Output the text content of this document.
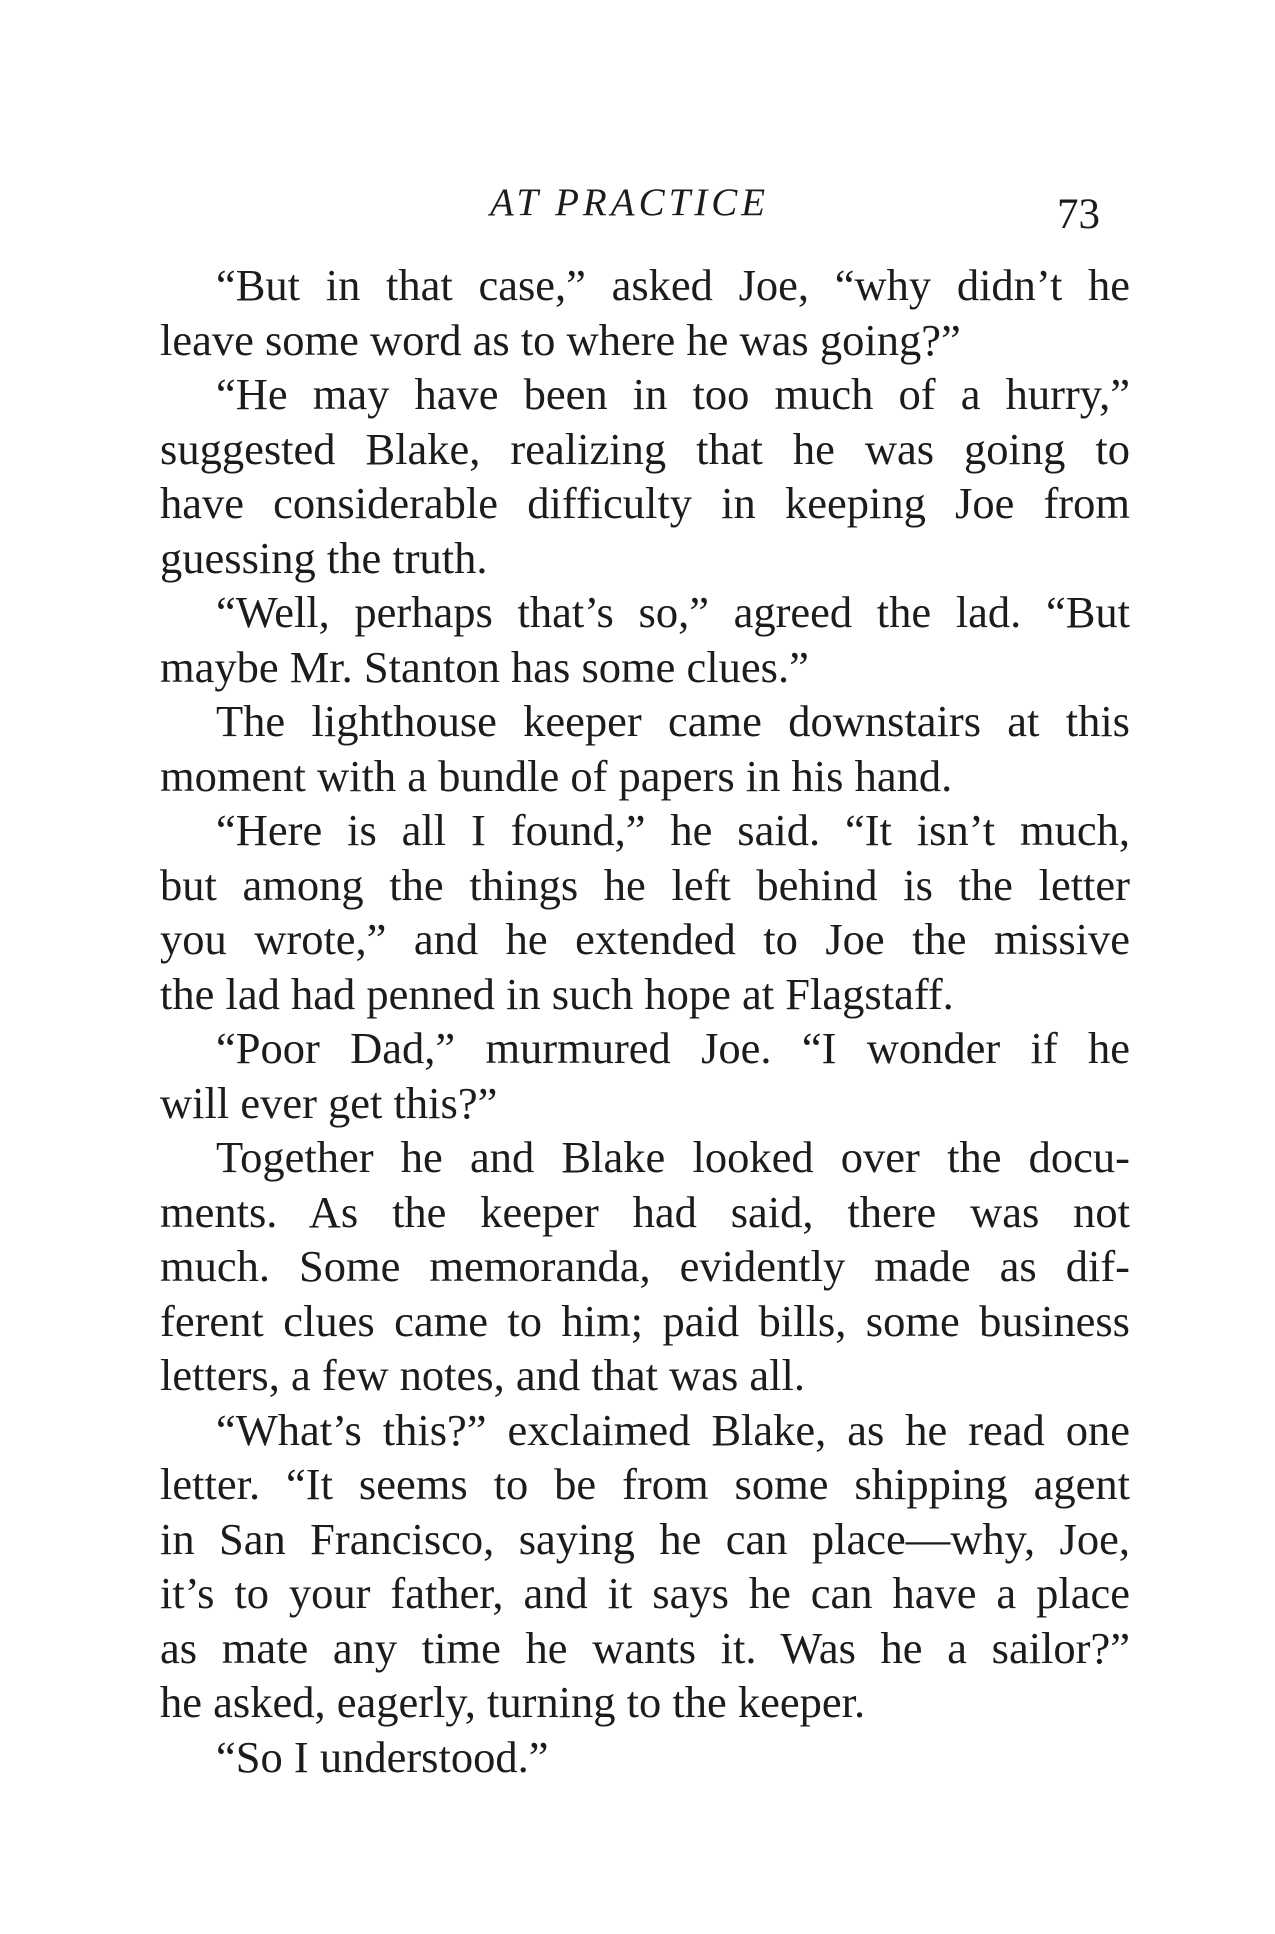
AT PRACTICE	73
“But in that case,” asked Joe, “why didn’t he
leave some word as to where he was going?”
“He may have been in too much of a hurry,”
suggested Blake, realizing that he was going to
have considerable difficulty in keeping Joe from
guessing the truth.
“Well, perhaps that’s so,” agreed the lad. “But
maybe Mr. Stanton has some clues.”
The lighthouse keeper came downstairs at this
moment with a bundle of papers in his hand.
“Here is all I found,” he said. “It isn’t much,
but among the things he left behind is the letter
you wrote,” and he extended to Joe the missive
the lad had penned in such hope at Flagstaff.
“Poor Dad,” murmured Joe. “I wonder if he
will ever get this?”
Together he and Blake looked over the docu-
ments. As the keeper had said, there was not
much. Some memoranda, evidently made as dif-
ferent clues came to him; paid bills, some business
letters, a few notes, and that was all.
“What’s this?” exclaimed Blake, as he read one
letter. “It seems to be from some shipping agent
in San Francisco, saying he can place—why, Joe,
it’s to your father, and it says he can have a place
as mate any time he wants it. Was he a sailor?”
he asked, eagerly, turning to the keeper.
“So I understood.”
